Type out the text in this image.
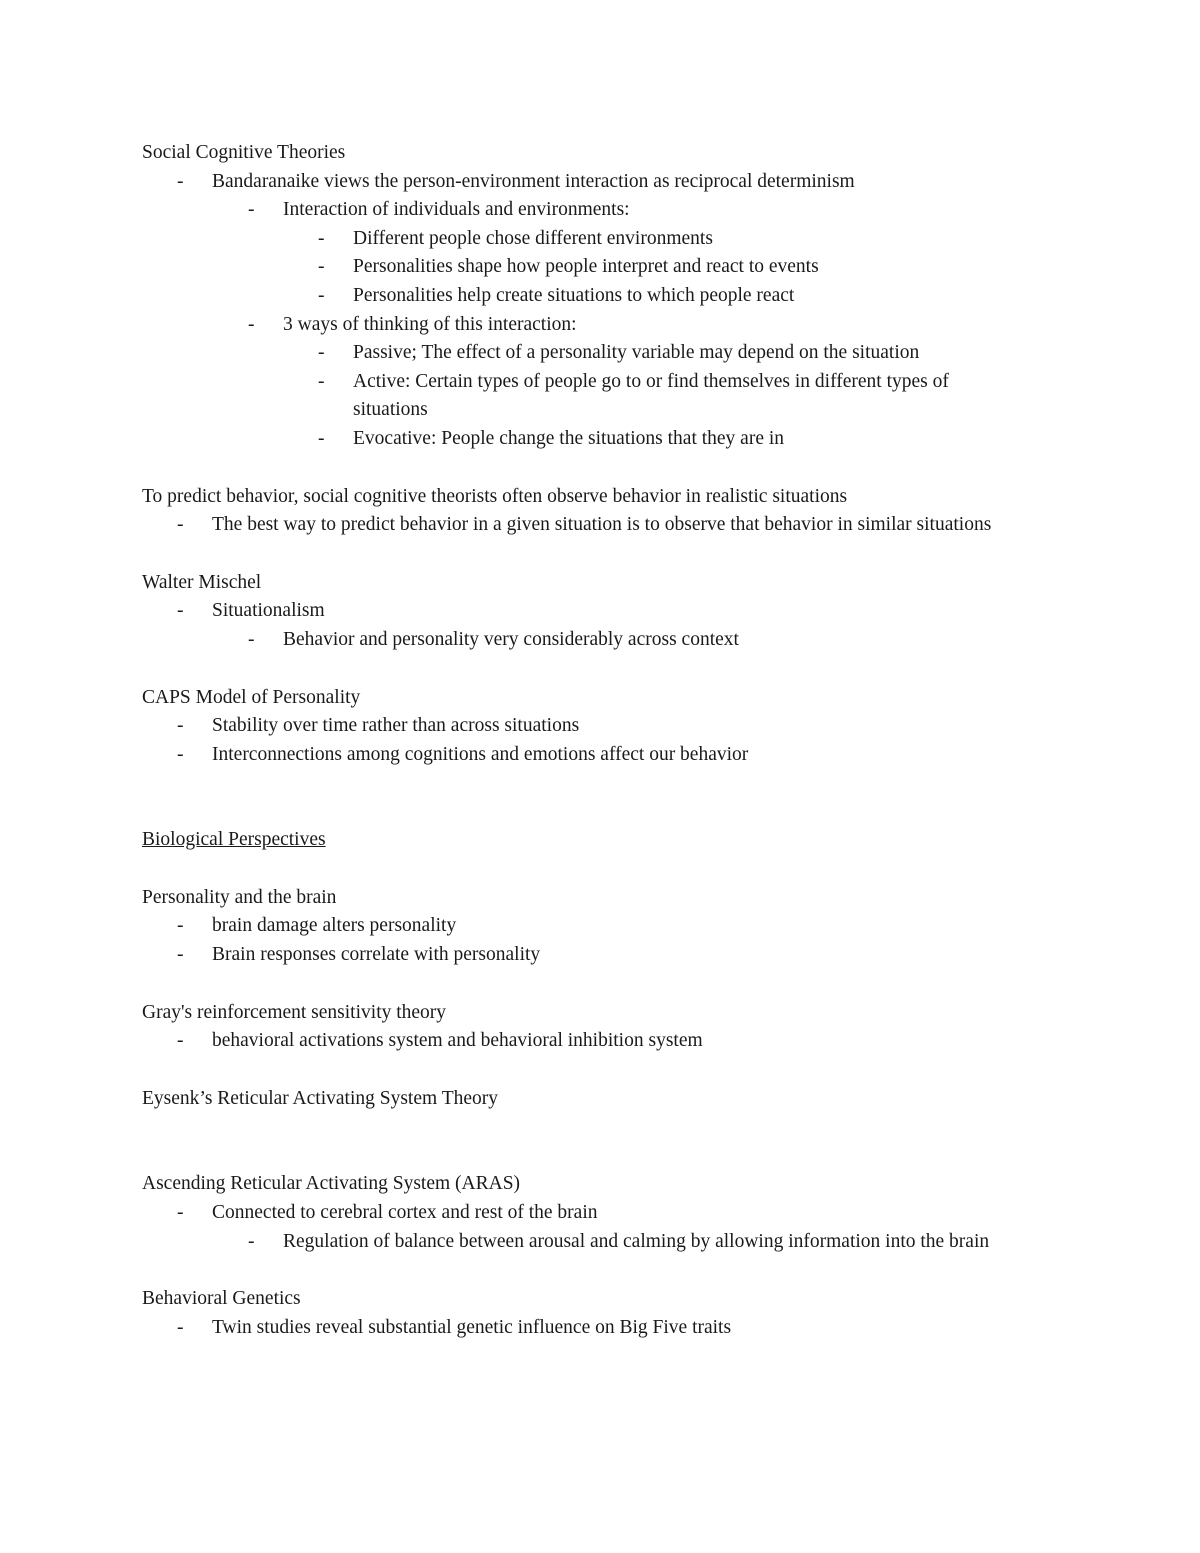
Social Cognitive Theories
- Bandaranaike views the person-environment interaction as reciprocal determinism
- Interaction of individuals and environments:
- Different people chose different environments
- Personalities shape how people interpret and react to events
- Personalities help create situations to which people react
- 3 ways of thinking of this interaction:
- Passive; The effect of a personality variable may depend on the situation
- Active: Certain types of people go to or find themselves in different types of situations
- Evocative: People change the situations that they are in
To predict behavior, social cognitive theorists often observe behavior in realistic situations
- The best way to predict behavior in a given situation is to observe that behavior in similar situations
Walter Mischel
- Situationalism
- Behavior and personality very considerably across context
CAPS Model of Personality
- Stability over time rather than across situations
- Interconnections among cognitions and emotions affect our behavior
Biological Perspectives
Personality and the brain
- brain damage alters personality
- Brain responses correlate with personality
Gray's reinforcement sensitivity theory
- behavioral activations system and behavioral inhibition system
Eysenk’s Reticular Activating System Theory
Ascending Reticular Activating System (ARAS)
- Connected to cerebral cortex and rest of the brain
- Regulation of balance between arousal and calming by allowing information into the brain
Behavioral Genetics
- Twin studies reveal substantial genetic influence on Big Five traits
